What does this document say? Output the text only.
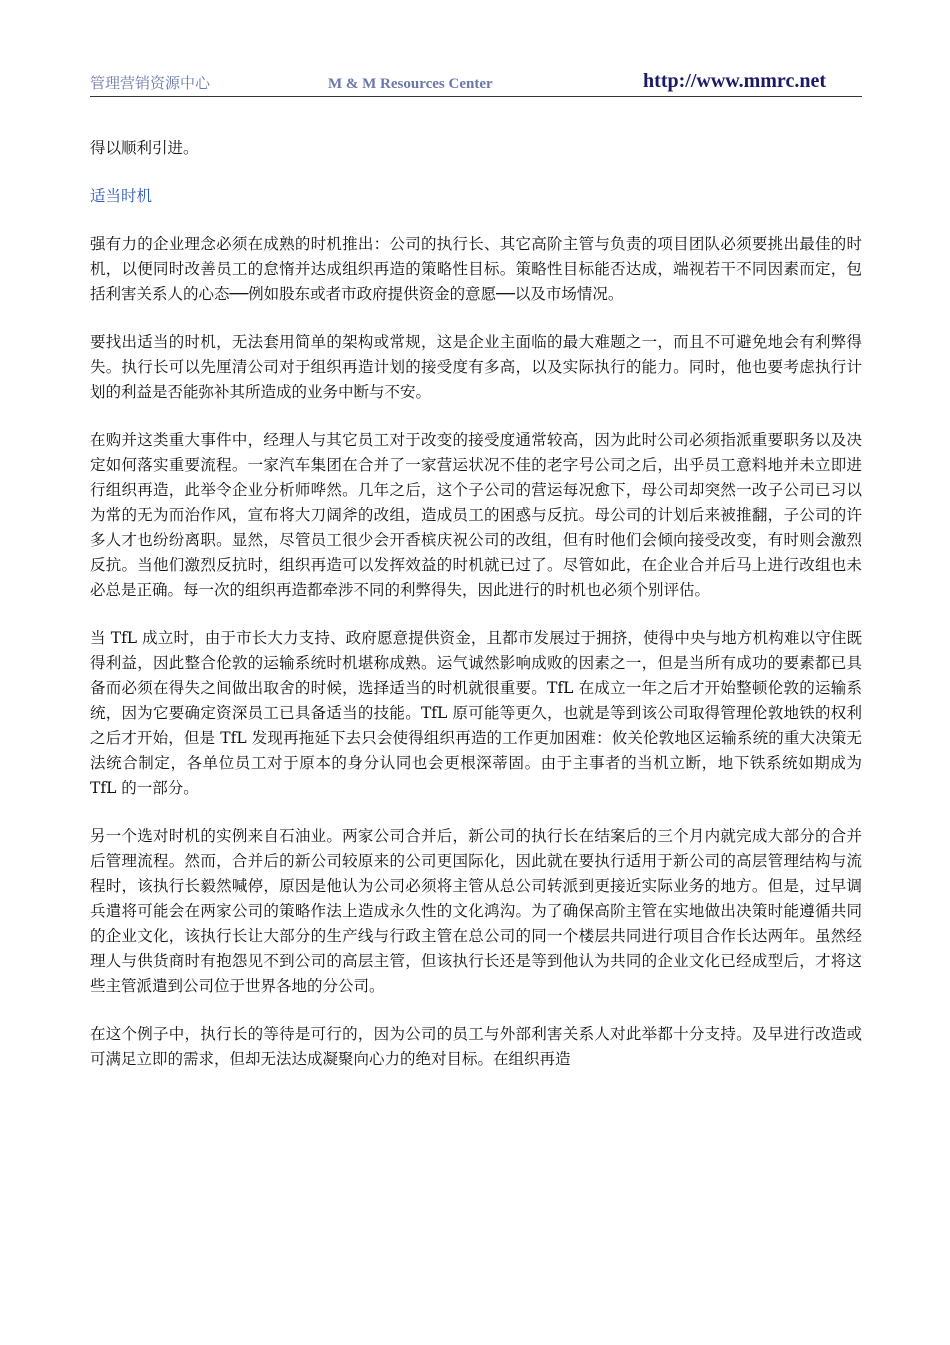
管理营销资源中心	M & M Resources Center	http://www.mmrc.net

得以顺利引进。

适当时机

强有力的企业理念必须在成熟的时机推出：公司的执行长、其它高阶主管与负责的项目团队必须要挑出最佳的时机，以便同时改善员工的怠惰并达成组织再造的策略性目标。策略性目标能否达成，端视若干不同因素而定，包括利害关系人的心态──例如股东或者市政府提供资金的意愿──以及市场情况。

要找出适当的时机，无法套用简单的架构或常规，这是企业主面临的最大难题之一，而且不可避免地会有利弊得失。执行长可以先厘清公司对于组织再造计划的接受度有多高，以及实际执行的能力。同时，他也要考虑执行计划的利益是否能弥补其所造成的业务中断与不安。

在购并这类重大事件中，经理人与其它员工对于改变的接受度通常较高，因为此时公司必须指派重要职务以及决定如何落实重要流程。一家汽车集团在合并了一家营运状况不佳的老字号公司之后，出乎员工意料地并未立即进行组织再造，此举令企业分析师哗然。几年之后，这个子公司的营运每况愈下，母公司却突然一改子公司已习以为常的无为而治作风，宣布将大刀阔斧的改组，造成员工的困惑与反抗。母公司的计划后来被推翻，子公司的许多人才也纷纷离职。显然，尽管员工很少会开香槟庆祝公司的改组，但有时他们会倾向接受改变，有时则会激烈反抗。当他们激烈反抗时，组织再造可以发挥效益的时机就已过了。尽管如此，在企业合并后马上进行改组也未必总是正确。每一次的组织再造都牵涉不同的利弊得失，因此进行的时机也必须个别评估。

当 TfL 成立时，由于市长大力支持、政府愿意提供资金，且都市发展过于拥挤，使得中央与地方机构难以守住既得利益，因此整合伦敦的运输系统时机堪称成熟。运气诚然影响成败的因素之一，但是当所有成功的要素都已具备而必须在得失之间做出取舍的时候，选择适当的时机就很重要。TfL 在成立一年之后才开始整顿伦敦的运输系统，因为它要确定资深员工已具备适当的技能。TfL 原可能等更久，也就是等到该公司取得管理伦敦地铁的权利之后才开始，但是 TfL 发现再拖延下去只会使得组织再造的工作更加困难：攸关伦敦地区运输系统的重大决策无法统合制定，各单位员工对于原本的身分认同也会更根深蒂固。由于主事者的当机立断，地下铁系统如期成为 TfL 的一部分。

另一个选对时机的实例来自石油业。两家公司合并后，新公司的执行长在结案后的三个月内就完成大部分的合并后管理流程。然而，合并后的新公司较原来的公司更国际化，因此就在要执行适用于新公司的高层管理结构与流程时，该执行长毅然喊停，原因是他认为公司必须将主管从总公司转派到更接近实际业务的地方。但是，过早调兵遣将可能会在两家公司的策略作法上造成永久性的文化鸿沟。为了确保高阶主管在实地做出决策时能遵循共同的企业文化，该执行长让大部分的生产线与行政主管在总公司的同一个楼层共同进行项目合作长达两年。虽然经理人与供货商时有抱怨见不到公司的高层主管，但该执行长还是等到他认为共同的企业文化已经成型后，才将这些主管派遣到公司位于世界各地的分公司。

在这个例子中，执行长的等待是可行的，因为公司的员工与外部利害关系人对此举都十分支持。及早进行改造或可满足立即的需求，但却无法达成凝聚向心力的绝对目标。在组织再造
